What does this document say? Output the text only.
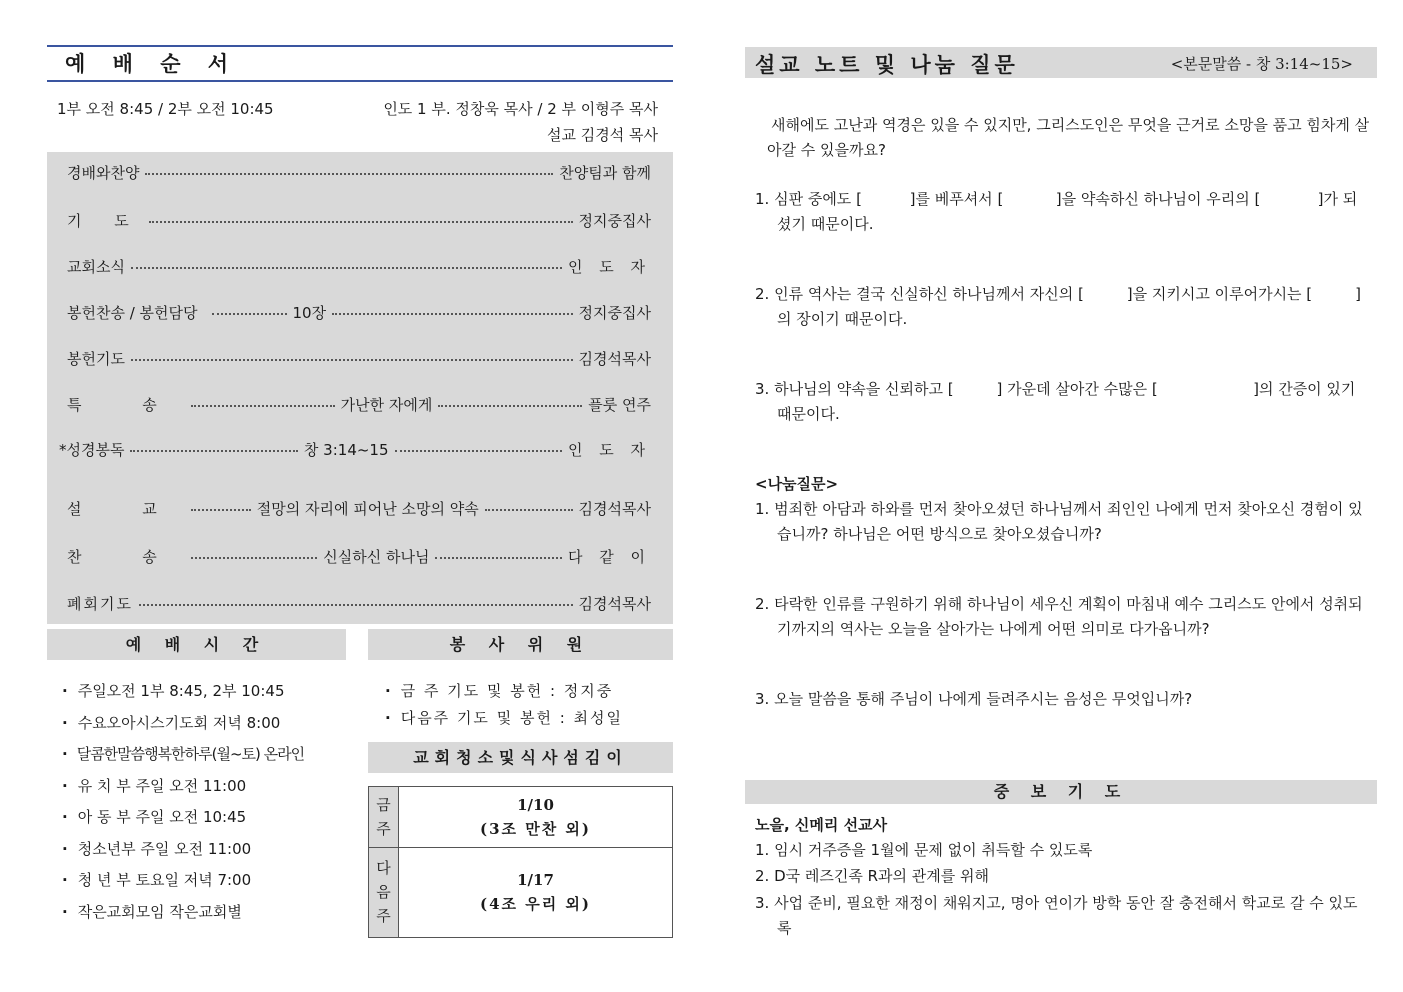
예 배 순 서
1부 오전 8:45 / 2부 오전 10:45	인도 1 부. 정창욱 목사 / 2 부 이형주 목사
설교 김경석 목사
경배와찬양	찬양팀과 함께
기 도	정지중집사
교회소식	인 도 자
봉헌찬송 / 봉헌담당	10장	정지중집사
봉헌기도	김경석목사
특 송	가난한 자에게	플룻 연주
*성경봉독	창 3:14~15	인 도 자
설 교	절망의 자리에 피어난 소망의 약속	김경석목사
찬 송	신실하신 하나님	다 같 이
폐회기도	김경석목사
예 배 시 간
· 주일오전 1부 8:45, 2부 10:45
· 수요오아시스기도회 저녁 8:00
· 달콤한말씀행복한하루(월~토) 온라인
· 유 치 부 주일 오전 11:00
· 아 동 부 주일 오전 10:45
· 청소년부 주일 오전 11:00
· 청 년 부 토요일 저녁 7:00
· 작은교회모임 작은교회별
봉 사 위 원
· 금 주 기도 및 봉헌 : 정지중
· 다음주 기도 및 봉헌 : 최성일
교회청소및식사섬김이
금주	1/10
(3조 만찬 외)

다음주	1/17
(4조 우리 외)
설교 노트 및 나눔 질문	<본문말씀 - 창 3:14~15>
새해에도 고난과 역경은 있을 수 있지만, 그리스도인은 무엇을 근거로 소망을 품고 힘차게 살아갈 수 있을까요?
1. 심판 중에도 [          ]를 베푸셔서 [           ]을 약속하신 하나님이 우리의 [            ]가 되셨기 때문이다.
2. 인류 역사는 결국 신실하신 하나님께서 자신의 [         ]을 지키시고 이루어가시는 [         ]의 장이기 때문이다.
3. 하나님의 약속을 신뢰하고 [         ] 가운데 살아간 수많은 [                    ]의 간증이 있기 때문이다.
<나눔질문>
1. 범죄한 아담과 하와를 먼저 찾아오셨던 하나님께서 죄인인 나에게 먼저 찾아오신 경험이 있습니까? 하나님은 어떤 방식으로 찾아오셨습니까?
2. 타락한 인류를 구원하기 위해 하나님이 세우신 계획이 마침내 예수 그리스도 안에서 성취되기까지의 역사는 오늘을 살아가는 나에게 어떤 의미로 다가옵니까?
3. 오늘 말씀을 통해 주님이 나에게 들려주시는 음성은 무엇입니까?
중 보 기 도
노을, 신메리 선교사
1. 임시 거주증을 1월에 문제 없이 취득할 수 있도록
2. D국 레즈긴족 R과의 관계를 위해
3. 사업 준비, 필요한 재정이 채워지고, 명아 연이가 방학 동안 잘 충전해서 학교로 갈 수 있도록
